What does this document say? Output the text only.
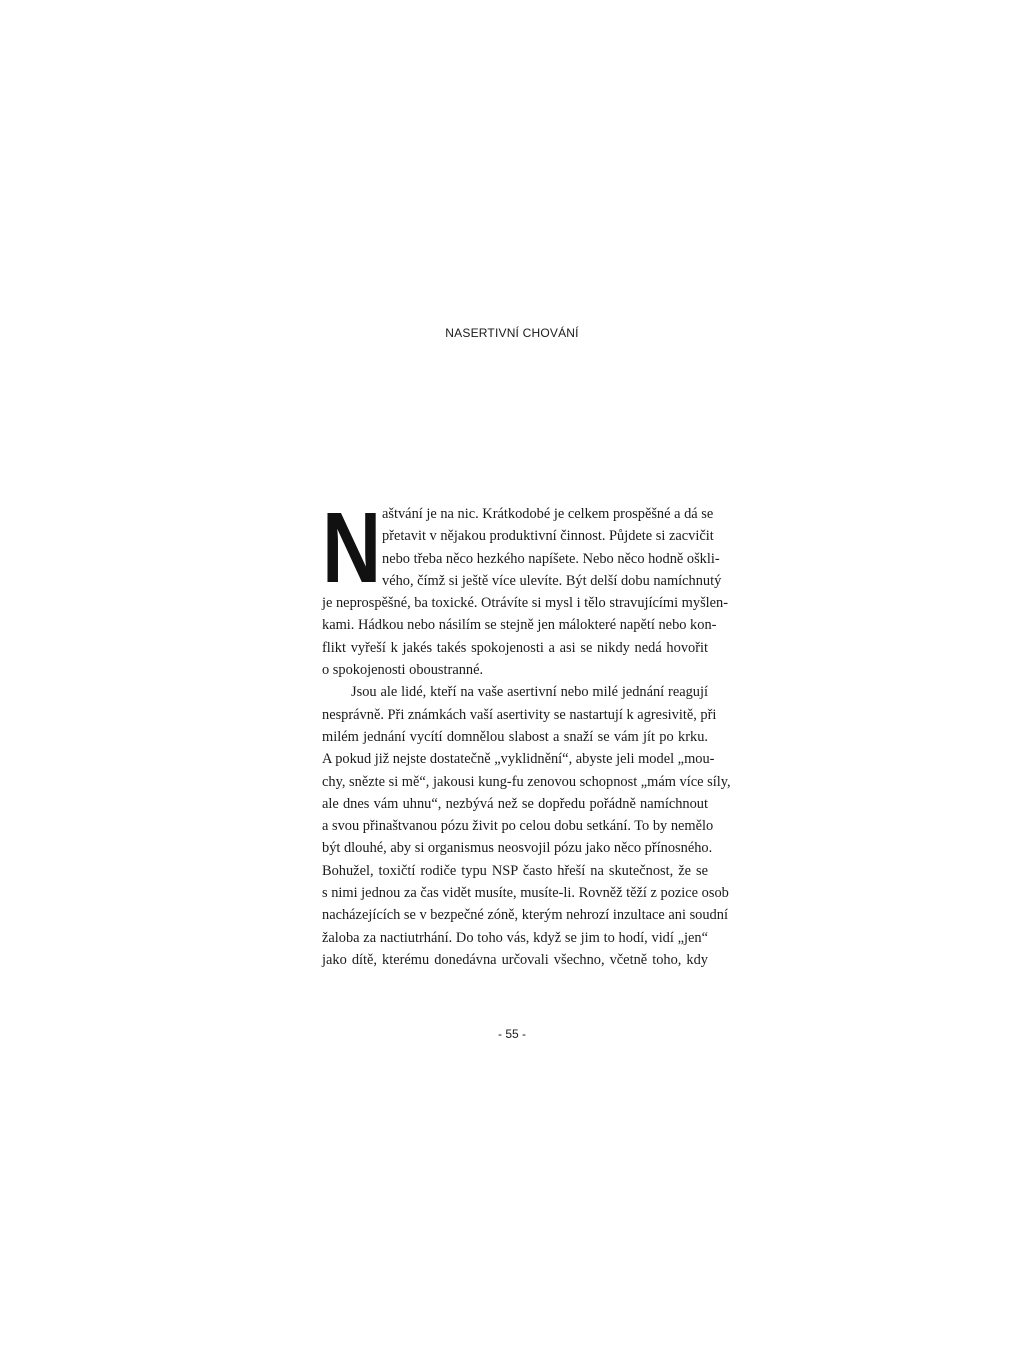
NASERTIVNÍ CHOVÁNÍ
N aštvání je na nic. Krátkodobé je celkem prospěšné a dá se
přetavit v nějakou produktivní činnost. Půjdete si zacvičit
nebo třeba něco hezkého napíšete. Nebo něco hodně oškli-
vého, čímž si ještě více ulevíte. Být delší dobu namíchnutý
je neprospěšné, ba toxické. Otrávíte si mysl i tělo stravujícími myšlen-
kami. Hádkou nebo násilím se stejně jen málokteré napětí nebo kon-
flikt vyřeší k jakés takés spokojenosti a asi se nikdy nedá hovořit
o spokojenosti oboustranné.
Jsou ale lidé, kteří na vaše asertivní nebo milé jednání reagují
nesprávně. Při známkách vaší asertivity se nastartují k agresivitě, při
milém jednání vycítí domnělou slabost a snaží se vám jít po krku.
A pokud již nejste dostatečně „vyklidnění“, abyste jeli model „mou-
chy, snězte si mě“, jakousi kung-fu zenovou schopnost „mám více síly,
ale dnes vám uhnu“, nezbývá než se dopředu pořádně namíchnout
a svou přinaštvanou pózu živit po celou dobu setkání. To by nemělo
být dlouhé, aby si organismus neosvojil pózu jako něco přínosného.
Bohužel, toxičtí rodiče typu NSP často hřeší na skutečnost, že se
s nimi jednou za čas vidět musíte, musíte-li. Rovněž těží z pozice osob
nacházejících se v bezpečné zóně, kterým nehrozí inzultace ani soudní
žaloba za nactiutrhání. Do toho vás, když se jim to hodí, vidí „jen“
jako dítě, kterému donedávna určovali všechno, včetně toho, kdy
- 55 -
